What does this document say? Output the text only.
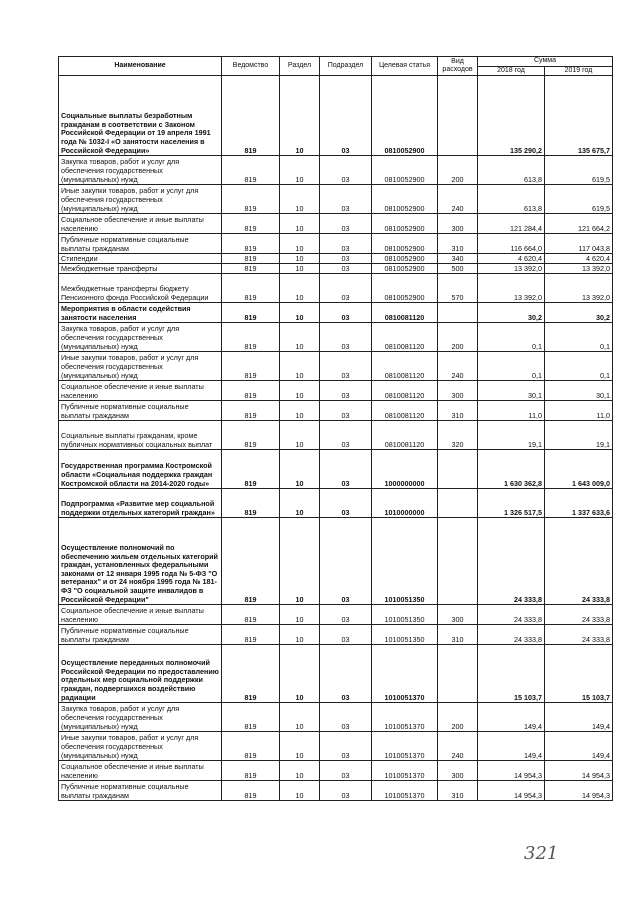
Наименование	Ведомство	Раздел	Подраздел	Целевая статья	Вид расходов	Сумма	
						2018 год	2019 год
Социальные выплаты безработным гражданам в соответствии с Законом Российской Федерации от 19 апреля 1991 года № 1032-I «О занятости населения в Российской Федерации»	819	10	03	0810052900		135 290,2	135 675,7
Закупка товаров, работ и услуг для обеспечения государственных (муниципальных) нужд	819	10	03	0810052900	200	613,8	619,5
Иные закупки товаров, работ и услуг для обеспечения государственных (муниципальных) нужд	819	10	03	0810052900	240	613,8	619,5
Социальное обеспечение и иные выплаты населению	819	10	03	0810052900	300	121 284,4	121 664,2
Публичные нормативные социальные выплаты гражданам	819	10	03	0810052900	310	116 664,0	117 043,8
Стипендии	819	10	03	0810052900	340	4 620,4	4 620,4
Межбюджетные трансферты	819	10	03	0810052900	500	13 392,0	13 392,0
Межбюджетные трансферты бюджету Пенсионного фонда Российской Федерации	819	10	03	0810052900	570	13 392,0	13 392,0
Мероприятия в области содействия занятости населения	819	10	03	0810081120		30,2	30,2
Закупка товаров, работ и услуг для обеспечения государственных (муниципальных) нужд	819	10	03	0810081120	200	0,1	0,1
Иные закупки товаров, работ и услуг для обеспечения государственных (муниципальных) нужд	819	10	03	0810081120	240	0,1	0,1
Социальное обеспечение и иные выплаты населению	819	10	03	0810081120	300	30,1	30,1
Публичные нормативные социальные выплаты гражданам	819	10	03	0810081120	310	11,0	11,0
Социальные выплаты гражданам, кроме публичных нормативных социальных выплат	819	10	03	0810081120	320	19,1	19,1
Государственная программа Костромской области «Социальная поддержка граждан Костромской области на 2014-2020 годы»	819	10	03	1000000000		1 630 362,8	1 643 009,0
Подпрограмма «Развитие мер социальной поддержки отдельных категорий граждан»	819	10	03	1010000000		1 326 517,5	1 337 633,6
Осуществление полномочий по обеспечению жильем отдельных категорий граждан, установленных федеральными законами от 12 января 1995 года № 5-ФЗ "О ветеранах" и от 24 ноября 1995 года № 181-ФЗ "О социальной защите инвалидов в Российской Федерации"	819	10	03	1010051350		24 333,8	24 333,8
Социальное обеспечение и иные выплаты населению	819	10	03	1010051350	300	24 333,8	24 333,8
Публичные нормативные социальные выплаты гражданам	819	10	03	1010051350	310	24 333,8	24 333,8
Осуществление переданных полномочий Российской Федерации по предоставлению отдельных мер социальной поддержки граждан, подвергшихся воздействию радиации	819	10	03	1010051370		15 103,7	15 103,7
Закупка товаров, работ и услуг для обеспечения государственных (муниципальных) нужд	819	10	03	1010051370	200	149,4	149,4
Иные закупки товаров, работ и услуг для обеспечения государственных (муниципальных) нужд	819	10	03	1010051370	240	149,4	149,4
Социальное обеспечение и иные выплаты населению	819	10	03	1010051370	300	14 954,3	14 954,3
Публичные нормативные социальные выплаты гражданам	819	10	03	1010051370	310	14 954,3	14 954,3
321
